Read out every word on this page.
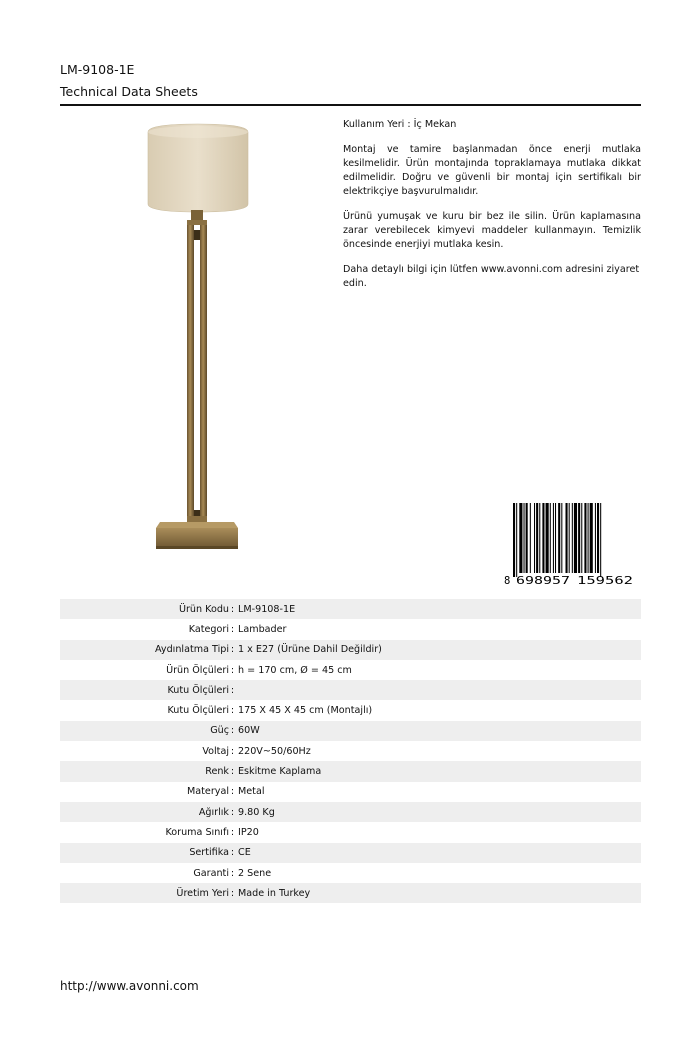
LM-9108-1E
Technical Data Sheets

Kullanım Yeri : İç Mekan

Montaj ve tamire başlanmadan önce enerji mutlaka kesilmelidir. Ürün montajında topraklamaya mutlaka dikkat edilmelidir. Doğru ve güvenli bir montaj için sertifikalı bir elektrikçiye başvurulmalıdır.

Ürünü yumuşak ve kuru bir bez ile silin. Ürün kaplamasına zarar verebilecek kimyevi maddeler kullanmayın. Temizlik öncesinde enerjiyi mutlaka kesin.

Daha detaylı bilgi için lütfen www.avonni.com adresini ziyaret edin.

8 698957 159562
Ürün Kodu : LM-9108-1E
Kategori : Lambader
Aydınlatma Tipi : 1 x E27 (Ürüne Dahil Değildir)
Ürün Ölçüleri : h = 170 cm, Ø = 45 cm
Kutu Ölçüleri :
Kutu Ölçüleri : 175 X 45 X 45 cm (Montajlı)
Güç : 60W
Voltaj : 220V~50/60Hz
Renk : Eskitme Kaplama
Materyal : Metal
Ağırlık : 9.80 Kg
Koruma Sınıfı : IP20
Sertifika : CE
Garanti : 2 Sene
Üretim Yeri : Made in Turkey
http://www.avonni.com
